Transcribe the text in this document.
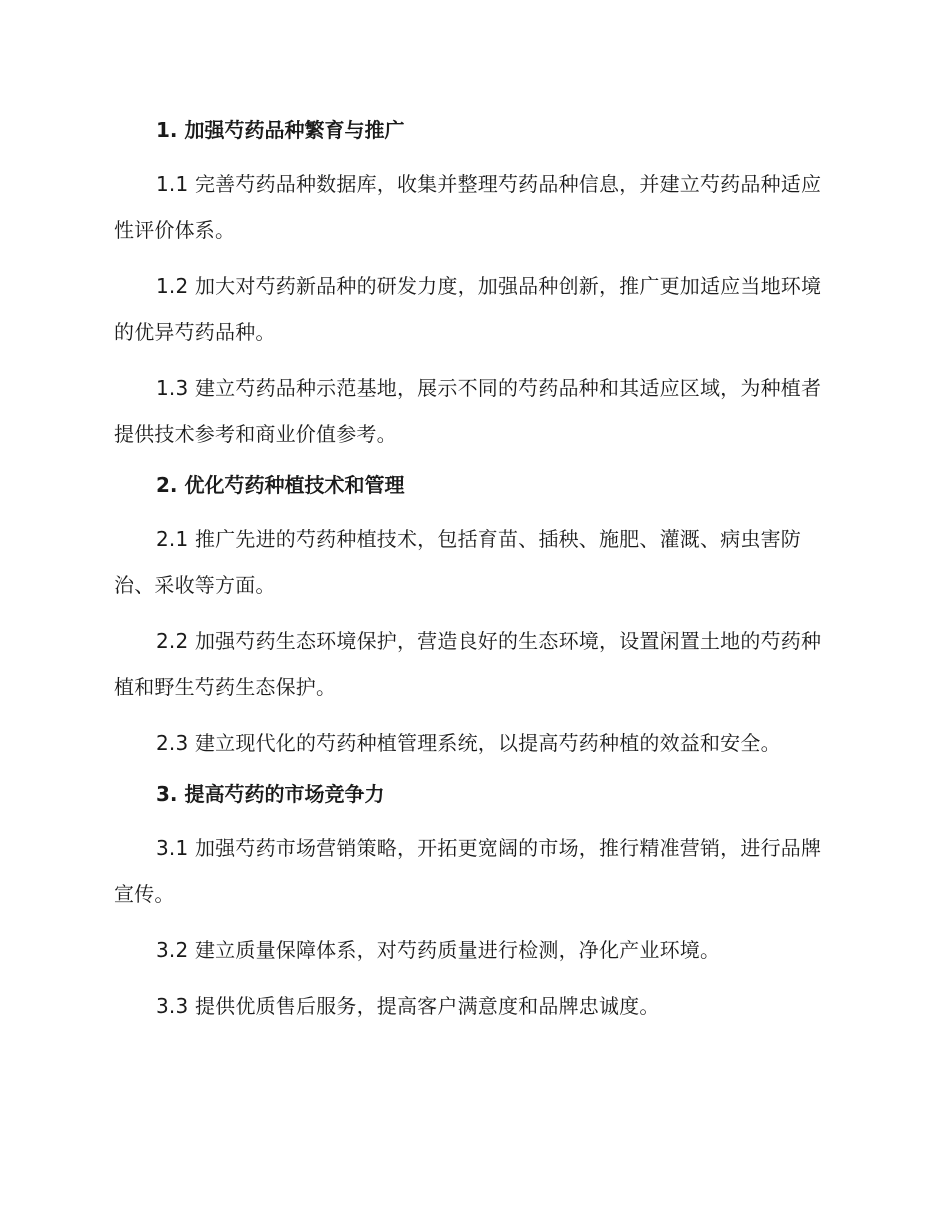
1. 加强芍药品种繁育与推广

1.1 完善芍药品种数据库，收集并整理芍药品种信息，并建立芍药品种适应性评价体系。

1.2 加大对芍药新品种的研发力度，加强品种创新，推广更加适应当地环境的优异芍药品种。

1.3 建立芍药品种示范基地，展示不同的芍药品种和其适应区域，为种植者提供技术参考和商业价值参考。

2. 优化芍药种植技术和管理

2.1 推广先进的芍药种植技术，包括育苗、插秧、施肥、灌溉、病虫害防治、采收等方面。

2.2 加强芍药生态环境保护，营造良好的生态环境，设置闲置土地的芍药种植和野生芍药生态保护。

2.3 建立现代化的芍药种植管理系统，以提高芍药种植的效益和安全。

3. 提高芍药的市场竞争力

3.1 加强芍药市场营销策略，开拓更宽阔的市场，推行精准营销，进行品牌宣传。

3.2 建立质量保障体系，对芍药质量进行检测，净化产业环境。

3.3 提供优质售后服务，提高客户满意度和品牌忠诚度。
